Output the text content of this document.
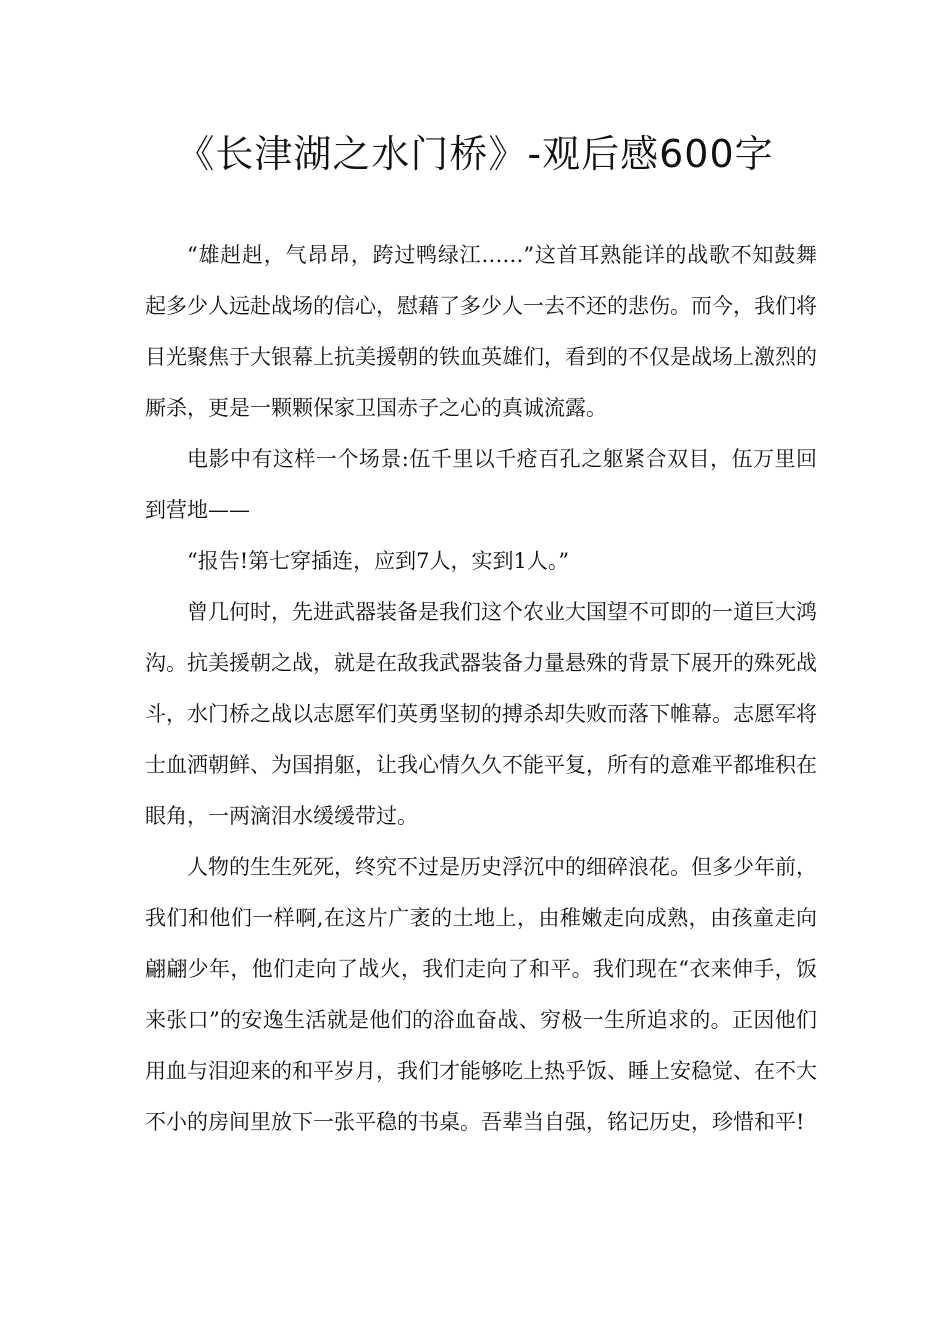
《长津湖之水门桥》-观后感600字

“雄赳赳，气昂昂，跨过鸭绿江……”这首耳熟能详的战歌不知鼓舞起多少人远赴战场的信心，慰藉了多少人一去不还的悲伤。而今，我们将目光聚焦于大银幕上抗美援朝的铁血英雄们，看到的不仅是战场上激烈的厮杀，更是一颗颗保家卫国赤子之心的真诚流露。

电影中有这样一个场景:伍千里以千疮百孔之躯紧合双目，伍万里回到营地——

“报告!第七穿插连，应到7人，实到1人。”

曾几何时，先进武器装备是我们这个农业大国望不可即的一道巨大鸿沟。抗美援朝之战，就是在敌我武器装备力量悬殊的背景下展开的殊死战斗，水门桥之战以志愿军们英勇坚韧的搏杀却失败而落下帷幕。志愿军将士血洒朝鲜、为国捐躯，让我心情久久不能平复，所有的意难平都堆积在眼角，一两滴泪水缓缓带过。

人物的生生死死，终究不过是历史浮沉中的细碎浪花。但多少年前，我们和他们一样啊,在这片广袤的土地上，由稚嫩走向成熟，由孩童走向翩翩少年，他们走向了战火，我们走向了和平。我们现在“衣来伸手，饭来张口”的安逸生活就是他们的浴血奋战、穷极一生所追求的。正因他们用血与泪迎来的和平岁月，我们才能够吃上热乎饭、睡上安稳觉、在不大不小的房间里放下一张平稳的书桌。吾辈当自强，铭记历史，珍惜和平!
